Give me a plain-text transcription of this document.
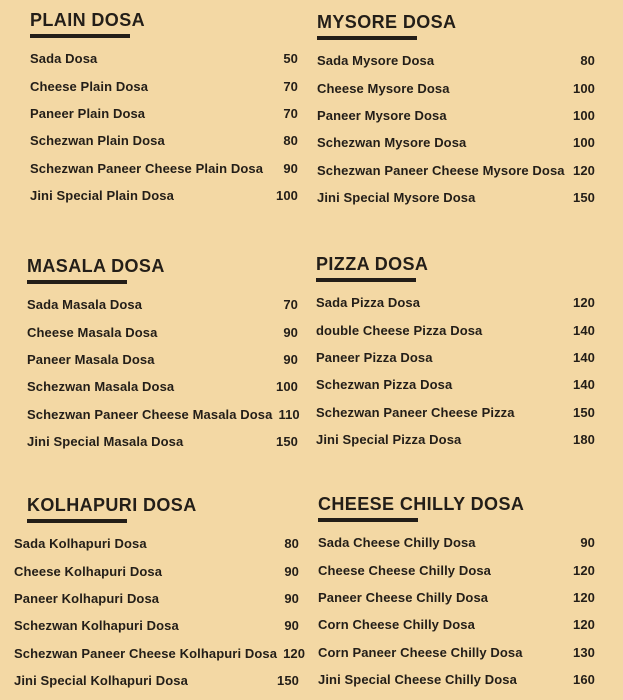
PLAIN DOSA
Sada Dosa	50
Cheese Plain Dosa	70
Paneer Plain Dosa	70
Schezwan Plain Dosa	80
Schezwan Paneer Cheese Plain Dosa 90
Jini Special Plain Dosa	100
MYSORE DOSA
Sada Mysore Dosa	80
Cheese Mysore Dosa	100
Paneer Mysore Dosa	100
Schezwan Mysore Dosa	100
Schezwan Paneer Cheese Mysore Dosa 120
Jini Special Mysore Dosa	150
MASALA DOSA
Sada Masala Dosa	70
Cheese Masala Dosa	90
Paneer Masala Dosa	90
Schezwan Masala Dosa	100
Schezwan Paneer Cheese Masala Dosa 110
Jini Special Masala Dosa	150
PIZZA DOSA
Sada Pizza Dosa	120
double Cheese Pizza Dosa	140
Paneer Pizza Dosa	140
Schezwan Pizza Dosa	140
Schezwan Paneer Cheese Pizza	150
Jini Special Pizza Dosa	180
KOLHAPURI DOSA
Sada Kolhapuri Dosa	80
Cheese Kolhapuri Dosa	90
Paneer Kolhapuri Dosa	90
Schezwan Kolhapuri Dosa	90
Schezwan Paneer Cheese Kolhapuri Dosa 120
Jini Special Kolhapuri Dosa	150
CHEESE CHILLY DOSA
Sada Cheese Chilly Dosa	90
Cheese Cheese Chilly Dosa	120
Paneer Cheese Chilly Dosa	120
Corn Cheese Chilly Dosa	120
Corn Paneer Cheese Chilly Dosa	130
Jini Special Cheese Chilly Dosa	160
